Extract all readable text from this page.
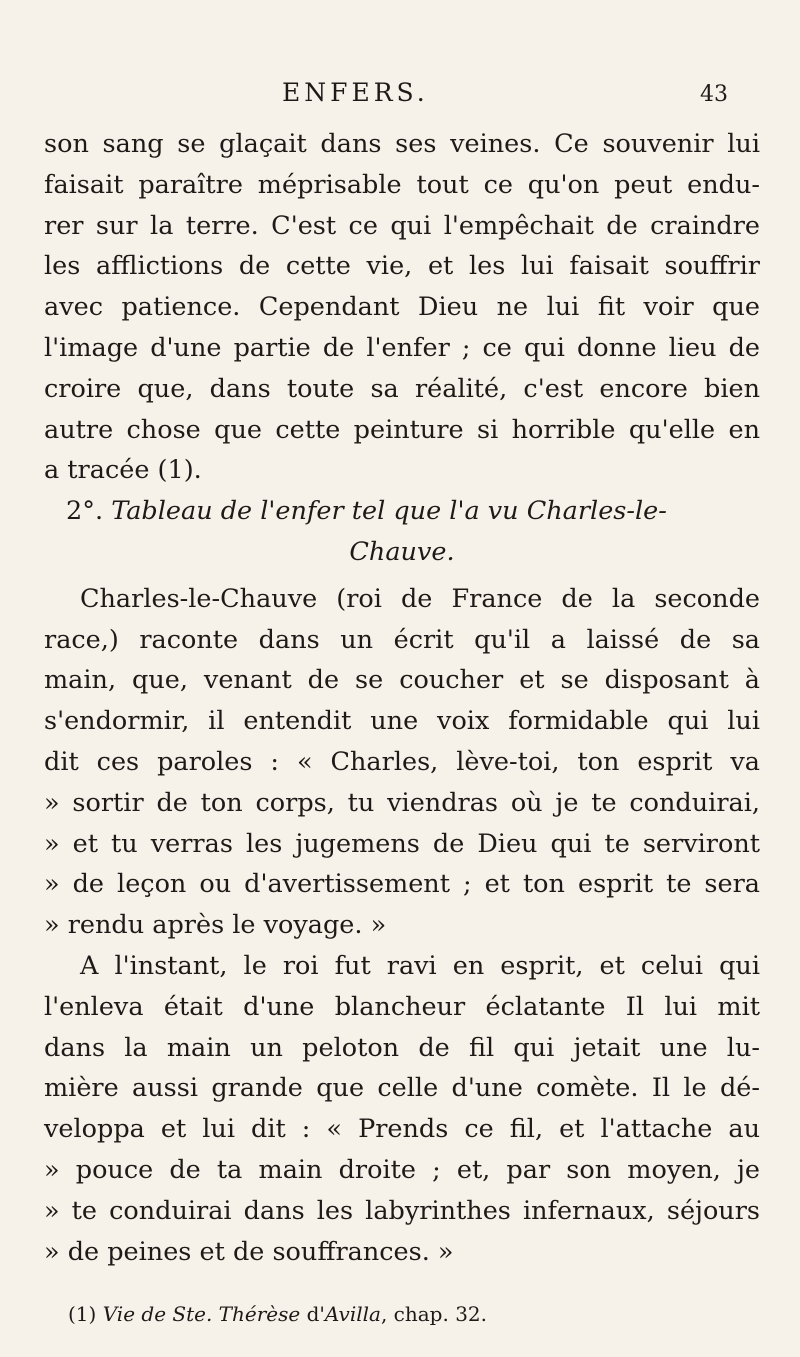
ENFERS.	43
son sang se glaçait dans ses veines. Ce souvenir lui
faisait paraître méprisable tout ce qu'on peut endu-
rer sur la terre. C'est ce qui l'empêchait de craindre
les afflictions de cette vie, et les lui faisait souffrir
avec patience. Cependant Dieu ne lui fit voir que
l'image d'une partie de l'enfer ; ce qui donne lieu de
croire que, dans toute sa réalité, c'est encore bien
autre chose que cette peinture si horrible qu'elle en
a tracée (1).
2°. Tableau de l'enfer tel que l'a vu Charles-le-
Chauve.
Charles-le-Chauve (roi de France de la seconde
race,) raconte dans un écrit qu'il a laissé de sa
main, que, venant de se coucher et se disposant à
s'endormir, il entendit une voix formidable qui lui
dit ces paroles : « Charles, lève-toi, ton esprit va
» sortir de ton corps, tu viendras où je te conduirai,
» et tu verras les jugemens de Dieu qui te serviront
» de leçon ou d'avertissement ; et ton esprit te sera
» rendu après le voyage. »
A l'instant, le roi fut ravi en esprit, et celui qui
l'enleva était d'une blancheur éclatante Il lui mit
dans la main un peloton de fil qui jetait une lu-
mière aussi grande que celle d'une comète. Il le dé-
veloppa et lui dit : « Prends ce fil, et l'attache au
» pouce de ta main droite ; et, par son moyen, je
» te conduirai dans les labyrinthes infernaux, séjours
» de peines et de souffrances. »
(1) Vie de Ste. Thérèse d'Avilla, chap. 32.
